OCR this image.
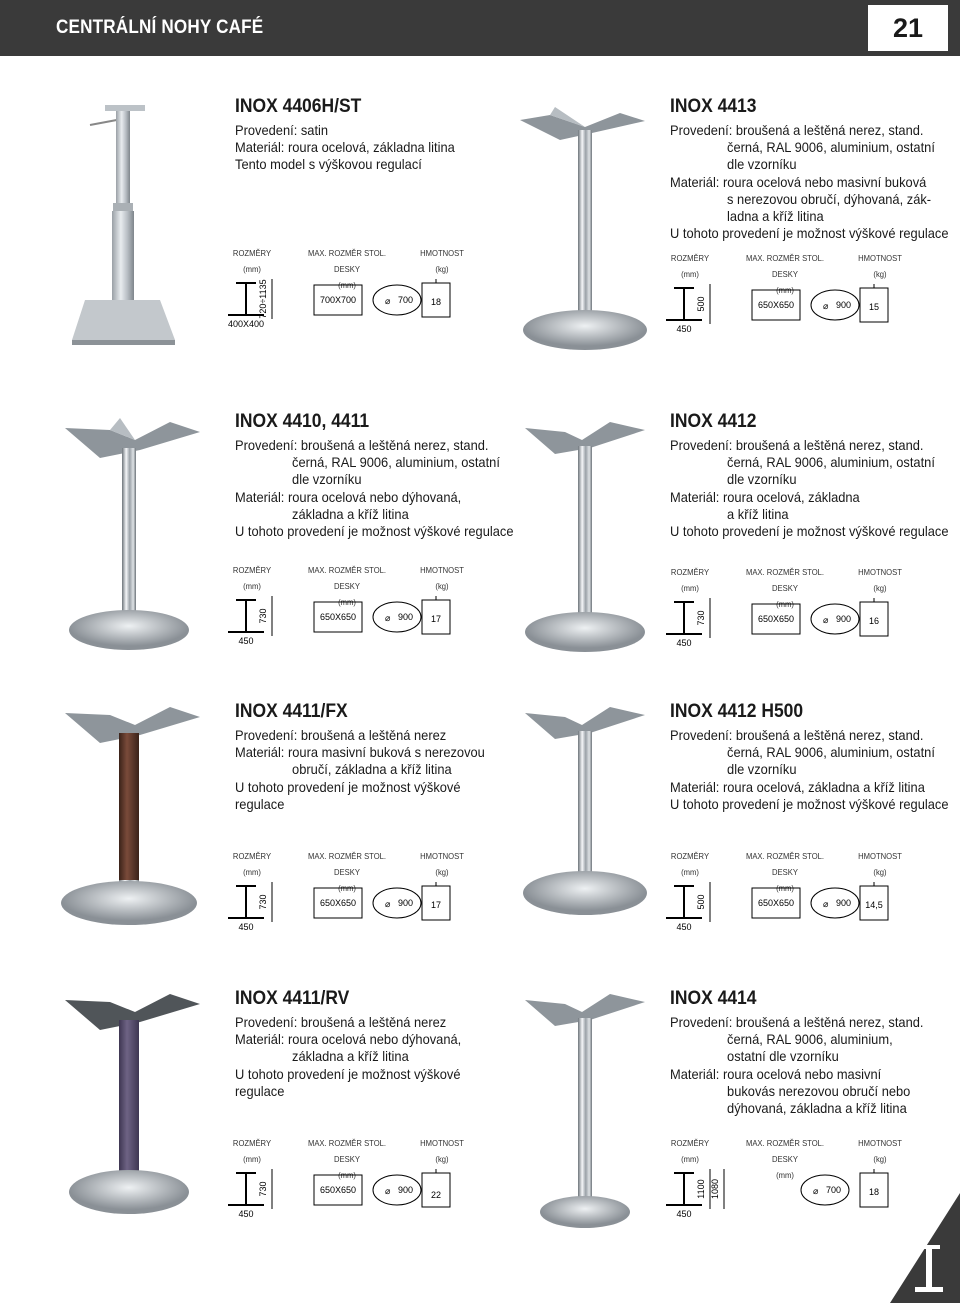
CENTRÁLNÍ NOHY CAFÉ	21
INOX 4406H/ST
Provedení: satin
Materiál: roura ocelová, základna litina
Tento model s výškovou regulací
ROZMĚRY
(mm)
MAX. ROZMĚR STOL. DESKY
(mm)
HMOTNOST
(kg)
720÷1135
400X400
700X700	⌀ 700 18
INOX 4413
Provedení: broušená a leštěná nerez, stand.
černá, RAL 9006, aluminium, ostatní
dle vzorníku
Materiál: roura ocelová nebo masivní buková
s nerezovou obručí, dýhovaná, zák-
ladna a kříž litina
U tohoto provedení je možnost výškové regulace
ROZMĚRY
(mm)
MAX. ROZMĚR STOL. DESKY
(mm)
HMOTNOST
(kg)
500
450
650X650	⌀ 900 15
INOX 4410, 4411
Provedení: broušená a leštěná nerez, stand.
černá, RAL 9006, aluminium, ostatní
dle vzorníku
Materiál: roura ocelová nebo dýhovaná,
základna a kříž litina
U tohoto provedení je možnost výškové regulace
ROZMĚRY
(mm)
MAX. ROZMĚR STOL. DESKY
(mm)
HMOTNOST
(kg)
730
450
650X650	⌀ 900 17
INOX 4412
Provedení: broušená a leštěná nerez, stand.
černá, RAL 9006, aluminium, ostatní
dle vzorníku
Materiál: roura ocelová, základna
a kříž litina
U tohoto provedení je možnost výškové regulace
ROZMĚRY
(mm)
MAX. ROZMĚR STOL. DESKY
(mm)
HMOTNOST
(kg)
730
450
650X650	⌀ 900 16
INOX 4411/FX
Provedení: broušená a leštěná nerez
Materiál: roura masivní buková s nerezovou
obručí, základna a kříž litina
U tohoto provedení je možnost výškové
regulace
ROZMĚRY
(mm)
MAX. ROZMĚR STOL. DESKY
(mm)
HMOTNOST
(kg)
730
450
650X650	⌀ 900 17
INOX 4412 H500
Provedení: broušená a leštěná nerez, stand.
černá, RAL 9006, aluminium, ostatní
dle vzorníku
Materiál: roura ocelová, základna a kříž litina
U tohoto provedení je možnost výškové regulace
ROZMĚRY
(mm)
MAX. ROZMĚR STOL. DESKY
(mm)
HMOTNOST
(kg)
500
450
650X650	⌀ 900 14,5
INOX 4411/RV
Provedení: broušená a leštěná nerez
Materiál: roura ocelová nebo dýhovaná,
základna a kříž litina
U tohoto provedení je možnost výškové
regulace
ROZMĚRY
(mm)
MAX. ROZMĚR STOL. DESKY
(mm)
HMOTNOST
(kg)
730
450
650X650	⌀ 900 22
INOX 4414
Provedení: broušená a leštěná nerez, stand.
černá, RAL 9006, aluminium,
ostatní dle vzorníku
Materiál: roura ocelová nebo masivní
bukovás nerezovou obručí nebo
dýhovaná, základna a kříž litina
ROZMĚRY
(mm)
MAX. ROZMĚR STOL. DESKY
(mm)
HMOTNOST
(kg)
1100 1080
450
⌀ 700	18
